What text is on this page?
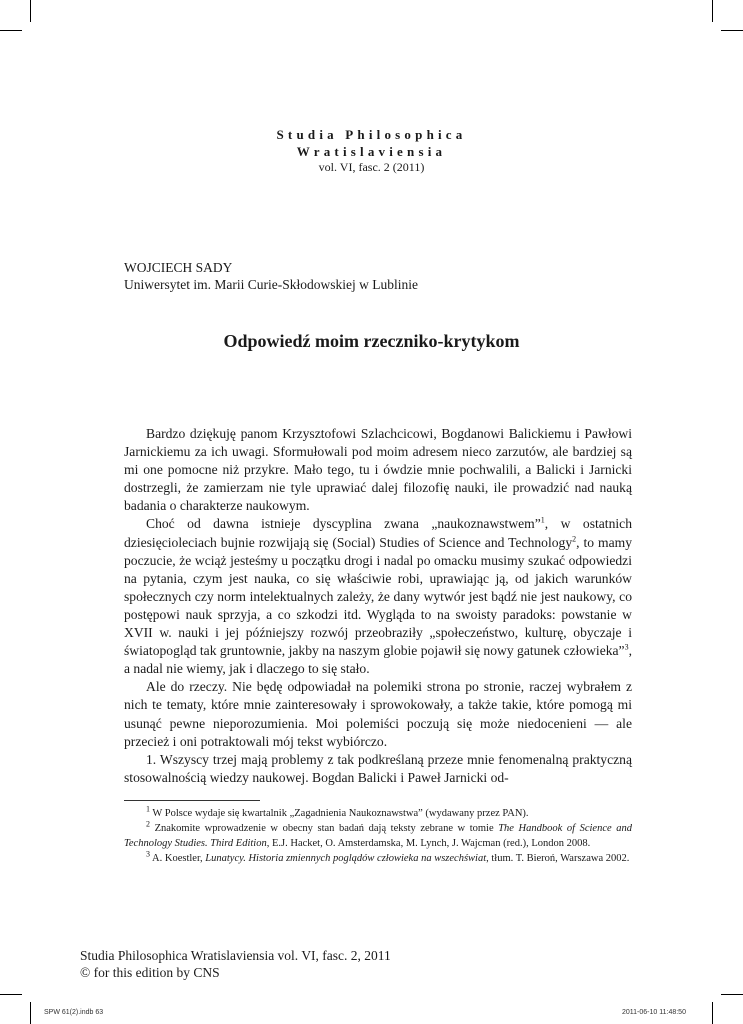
Studia Philosophica
Wratislaviensia
vol. VI, fasc. 2 (2011)
WOJCIECH SADY
Uniwersytet im. Marii Curie-Skłodowskiej w Lublinie
Odpowiedź moim rzeczniko-krytykom

Bardzo dziękuję panom Krzysztofowi Szlachcicowi, Bogdanowi Balickiemu i Pawłowi Jarnickiemu za ich uwagi. Sformułowali pod moim adresem nieco zarzutów, ale bardziej są mi one pomocne niż przykre. Mało tego, tu i ówdzie mnie pochwalili, a Balicki i Jarnicki dostrzegli, że zamierzam nie tyle uprawiać dalej filozofię nauki, ile prowadzić nad nauką badania o charakterze naukowym.

Choć od dawna istnieje dyscyplina zwana „naukoznawstwem”$^1$, w ostatnich dziesięcioleciach bujnie rozwijają się (Social) Studies of Science and Technology$^2$, to mamy poczucie, że wciąż jesteśmy u początku drogi i nadal po omacku musimy szukać odpowiedzi na pytania, czym jest nauka, co się właściwie robi, uprawiając ją, od jakich warunków społecznych czy norm intelektualnych zależy, że dany wytwór jest bądź nie jest naukowy, co postępowi nauk sprzyja, a co szkodzi itd. Wygląda to na swoisty paradoks: powstanie w XVII w. nauki i jej późniejszy rozwój przeobraziły „społeczeństwo, kulturę, obyczaje i światopogląd tak gruntownie, jakby na naszym globie pojawił się nowy gatunek człowieka”$^3$, a nadal nie wiemy, jak i dlaczego to się stało.

Ale do rzeczy. Nie będę odpowiadał na polemiki strona po stronie, raczej wybrałem z nich te tematy, które mnie zainteresowały i sprowokowały, a także takie, które pomogą mi usunąć pewne nieporozumienia. Moi polemiści poczują się może niedocenieni — ale przecież i oni potraktowali mój tekst wybiórczo.

1. Wszyscy trzej mają problemy z tak podkreślaną przeze mnie fenomenalną praktyczną stosowalnością wiedzy naukowej. Bogdan Balicki i Paweł Jarnicki od-

$^1$ W Polsce wydaje się kwartalnik „Zagadnienia Naukoznawstwa” (wydawany przez PAN).

$^2$ Znakomite wprowadzenie w obecny stan badań dają teksty zebrane w tomie The Handbook of Science and Technology Studies. Third Edition, E.J. Hacket, O. Amsterdamska, M. Lynch, J. Wajcman (red.), London 2008.

$^3$ A. Koestler, Lunatycy. Historia zmiennych poglądów człowieka na wszechświat, tłum. T. Bieroń, Warszawa 2002.

Studia Philosophica Wratislaviensia vol. VI, fasc. 2, 2011
© for this edition by CNS
SPW 61(2).indb 63	2011-06-10 11:48:50
